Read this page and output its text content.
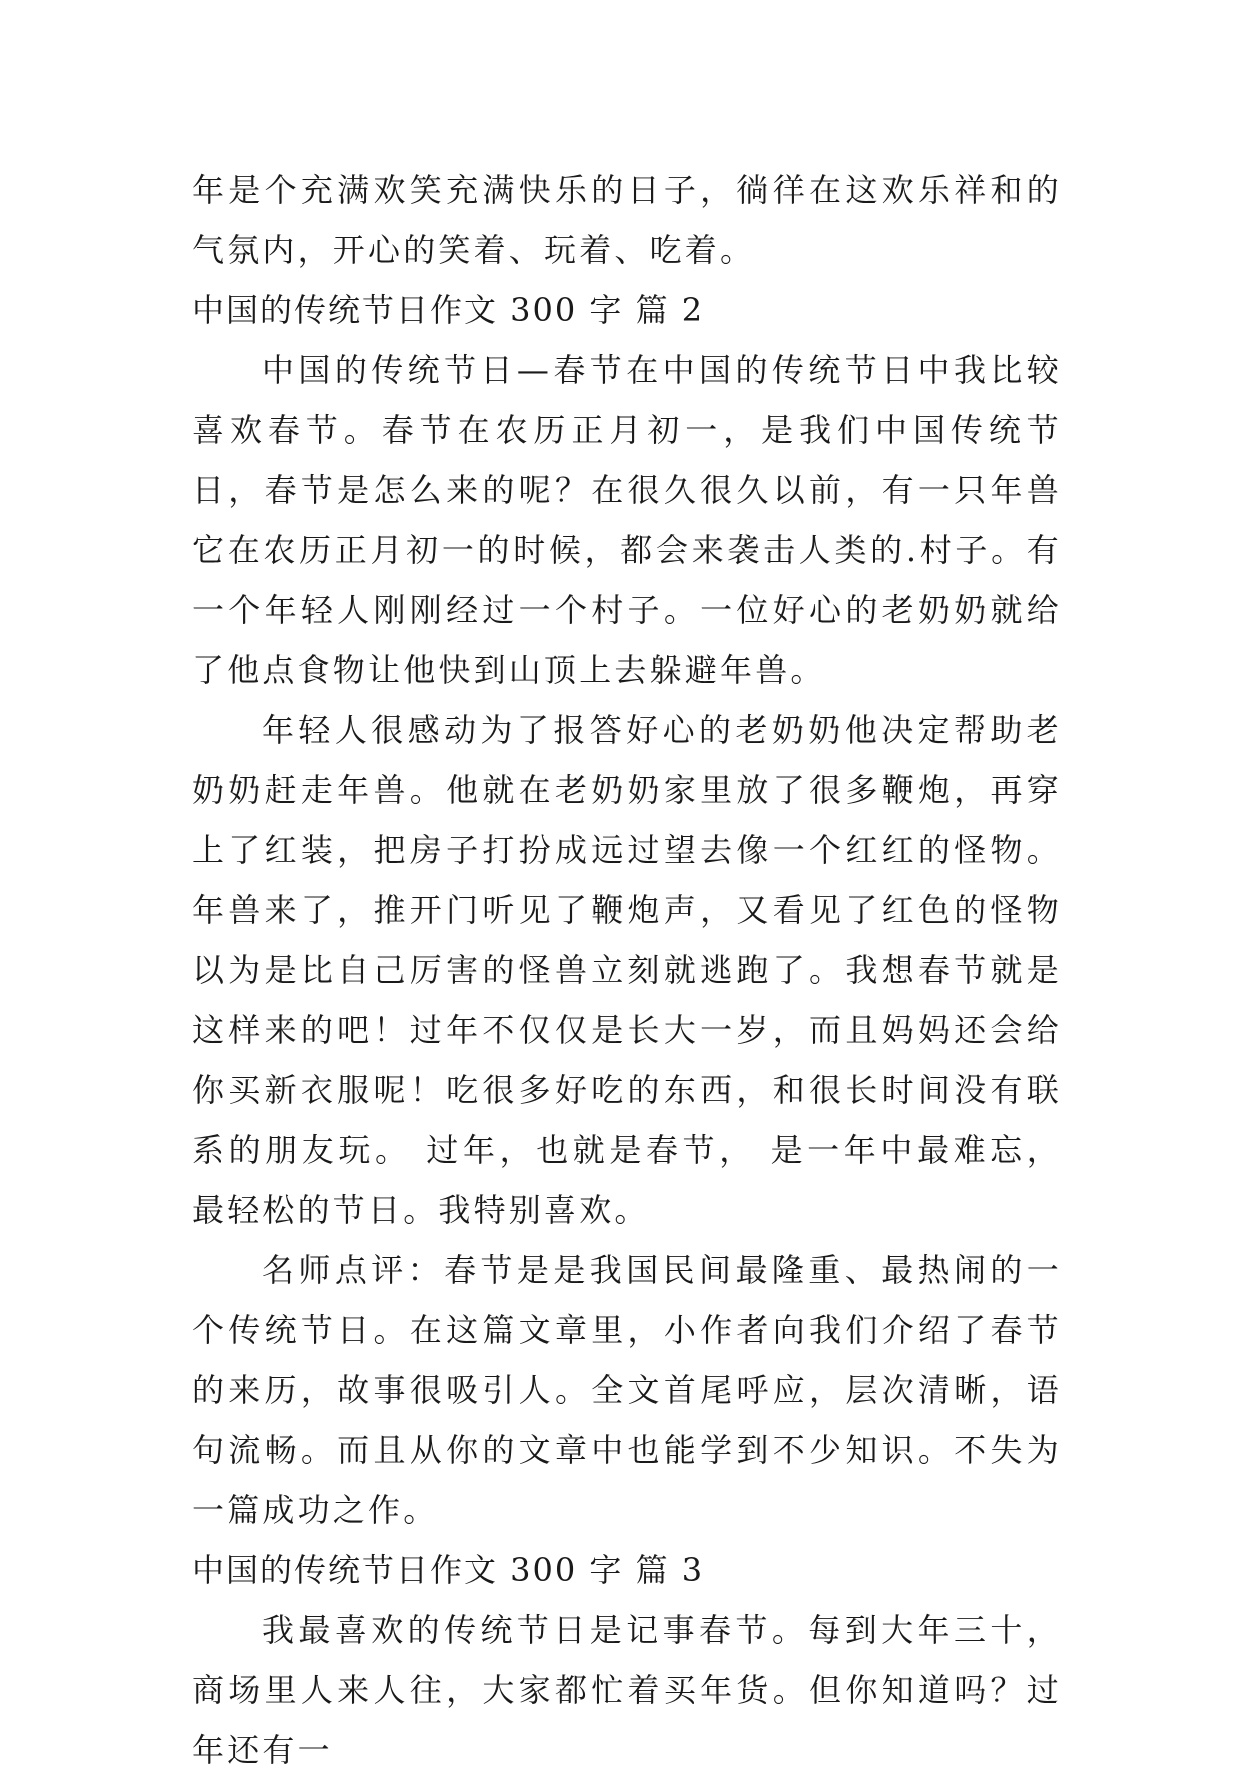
年是个充满欢笑充满快乐的日子，徜徉在这欢乐祥和的气氛内，开心的笑着、玩着、吃着。

中国的传统节日作文 300 字 篇 2

中国的传统节日—春节在中国的传统节日中我比较喜欢春节。春节在农历正月初一，是我们中国传统节日，春节是怎么来的呢？在很久很久以前，有一只年兽它在农历正月初一的时候，都会来袭击人类的.村子。有一个年轻人刚刚经过一个村子。一位好心的老奶奶就给了他点食物让他快到山顶上去躲避年兽。

年轻人很感动为了报答好心的老奶奶他决定帮助老奶奶赶走年兽。他就在老奶奶家里放了很多鞭炮，再穿上了红装，把房子打扮成远过望去像一个红红的怪物。年兽来了，推开门听见了鞭炮声，又看见了红色的怪物以为是比自己厉害的怪兽立刻就逃跑了。我想春节就是这样来的吧！过年不仅仅是长大一岁，而且妈妈还会给你买新衣服呢！吃很多好吃的东西，和很长时间没有联系的朋友玩。 过年，也就是春节， 是一年中最难忘，最轻松的节日。我特别喜欢。

名师点评：春节是是我国民间最隆重、最热闹的一个传统节日。在这篇文章里，小作者向我们介绍了春节的来历，故事很吸引人。全文首尾呼应，层次清晰，语句流畅。而且从你的文章中也能学到不少知识。不失为一篇成功之作。

中国的传统节日作文 300 字 篇 3

我最喜欢的传统节日是记事春节。每到大年三十，商场里人来人往，大家都忙着买年货。但你知道吗？过年还有一
